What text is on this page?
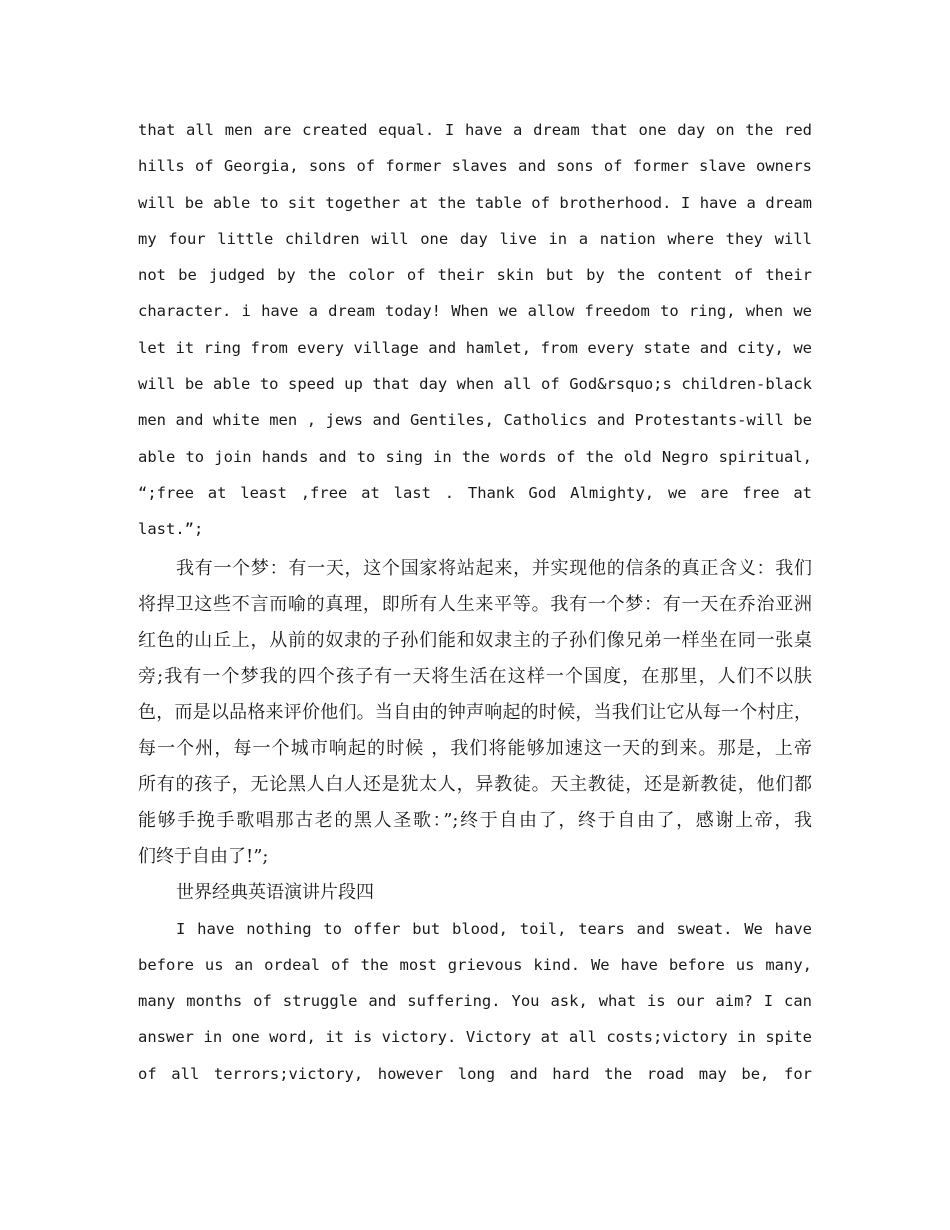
that all men are created equal. I have a dream that one day on the red
hills of Georgia, sons of former slaves and sons of former slave owners
will be able to sit together at the table of brotherhood. I have a dream
my four little children will one day live in a nation where they will
not be judged by the color of their skin but by the content of their
character. i have a dream today! When we allow freedom to ring, when we
let it ring from every village and hamlet, from every state and city, we
will be able to speed up that day when all of God&rsquo;s children-black
men and white men , jews and Gentiles, Catholics and Protestants-will be
able to join hands and to sing in the words of the old Negro spiritual,
“;free at least ,free at last . Thank God Almighty, we are free at
last.”;
我有一个梦：有一天，这个国家将站起来，并实现他的信条的真正含义：我们
将捍卫这些不言而喻的真理，即所有人生来平等。我有一个梦：有一天在乔治亚洲
红色的山丘上，从前的奴隶的子孙们能和奴隶主的子孙们像兄弟一样坐在同一张桌
旁;我有一个梦我的四个孩子有一天将生活在这样一个国度，在那里，人们不以肤
色，而是以品格来评价他们。当自由的钟声响起的时候，当我们让它从每一个村庄，
每一个州，每一个城市响起的时候 ，我们将能够加速这一天的到来。那是，上帝
所有的孩子，无论黑人白人还是犹太人，异教徒。天主教徒，还是新教徒，他们都
能够手挽手歌唱那古老的黑人圣歌：”;终于自由了，终于自由了，感谢上帝，我
们终于自由了!”;
世界经典英语演讲片段四
I have nothing to offer but blood, toil, tears and sweat. We have
before us an ordeal of the most grievous kind. We have before us many,
many months of struggle and suffering. You ask, what is our aim? I can
answer in one word, it is victory. Victory at all costs;victory in spite
of all terrors;victory, however long and hard the road may be, for
